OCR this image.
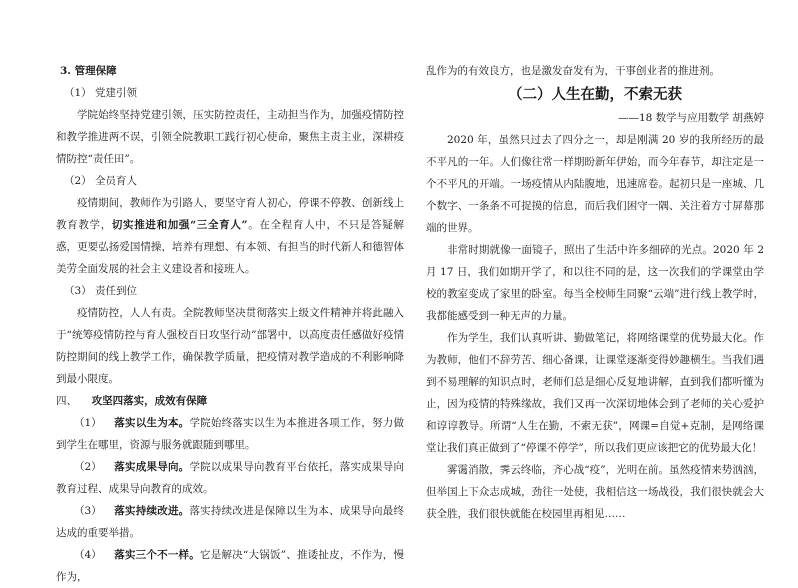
3. 管理保障
（1） 党建引领

学院始终坚持党建引领，压实防控责任，主动担当作为，加强疫情防控和教学推进两不误，引领全院教职工践行初心使命，聚焦主责主业，深耕疫情防控“责任田”。

（2） 全员育人

疫情期间，教师作为引路人，要坚守育人初心，停课不停教、创新线上教育教学，切实推进和加强“三全育人”。在全程育人中，不只是答疑解惑，更要弘扬爱国情操，培养有理想、有本领、有担当的时代新人和德智体美劳全面发展的社会主义建设者和接班人。

（3） 责任到位

疫情防控，人人有责。全院教师坚决贯彻落实上级文件精神并将此融入于“统筹疫情防控与育人强校百日攻坚行动”部署中，以高度责任感做好疫情防控期间的线上教学工作，确保教学质量，把疫情对教学造成的不利影响降到最小限度。

四、 攻坚四落实，成效有保障

（1） 落实以生为本。学院始终落实以生为本推进各项工作，努力做到学生在哪里，资源与服务就跟随到哪里。

（2） 落实成果导向。学院以成果导向教育平台依托，落实成果导向教育过程、成果导向教育的成效。

（3） 落实持续改进。落实持续改进是保障以生为本、成果导向最终达成的重要举措。

（4） 落实三个不一样。它是解决“大锅饭”、推诿扯皮，不作为，慢作为，

乱作为的有效良方，也是激发奋发有为，干事创业者的推进剂。

（二）人生在勤，不索无获
——18 数学与应用数学 胡燕婷

2020 年，虽然只过去了四分之一，却是刚满 20 岁的我所经历的最不平凡的一年。人们像往常一样期盼新年伊始，而今年春节，却注定是一个不平凡的开端。一场疫情从内陆腹地，迅速席卷。起初只是一座城、几个数字、一条条不可捉摸的信息，而后我们困守一隅、关注着方寸屏幕那端的世界。

非常时期就像一面镜子，照出了生活中许多细碎的光点。2020 年 2 月 17 日，我们如期开学了，和以往不同的是，这一次我们的学课堂由学校的教室变成了家里的卧室。每当全校师生同聚“云端”进行线上教学时，我都能感受到一种无声的力量。

作为学生，我们认真听讲、勤做笔记，将网络课堂的优势最大化。作为教师，他们不辞劳苦、细心备课，让课堂逐渐变得妙趣横生。当我们遇到不易理解的知识点时，老师们总是细心反复地讲解，直到我们都听懂为止，因为疫情的特殊缘故，我们又再一次深切地体会到了老师的关心爱护和谆谆教导。所谓“人生在勤，不索无获”，网课=自觉+克制，是网络课堂让我们真正做到了“停课不停学”，所以我们更应该把它的优势最大化！

雾霭消散，霁云终临，齐心战“疫”，光明在前。虽然疫情来势汹汹，但举国上下众志成城，劲往一处使，我相信这一场战役，我们很快就会大获全胜，我们很快就能在校园里再相见……
